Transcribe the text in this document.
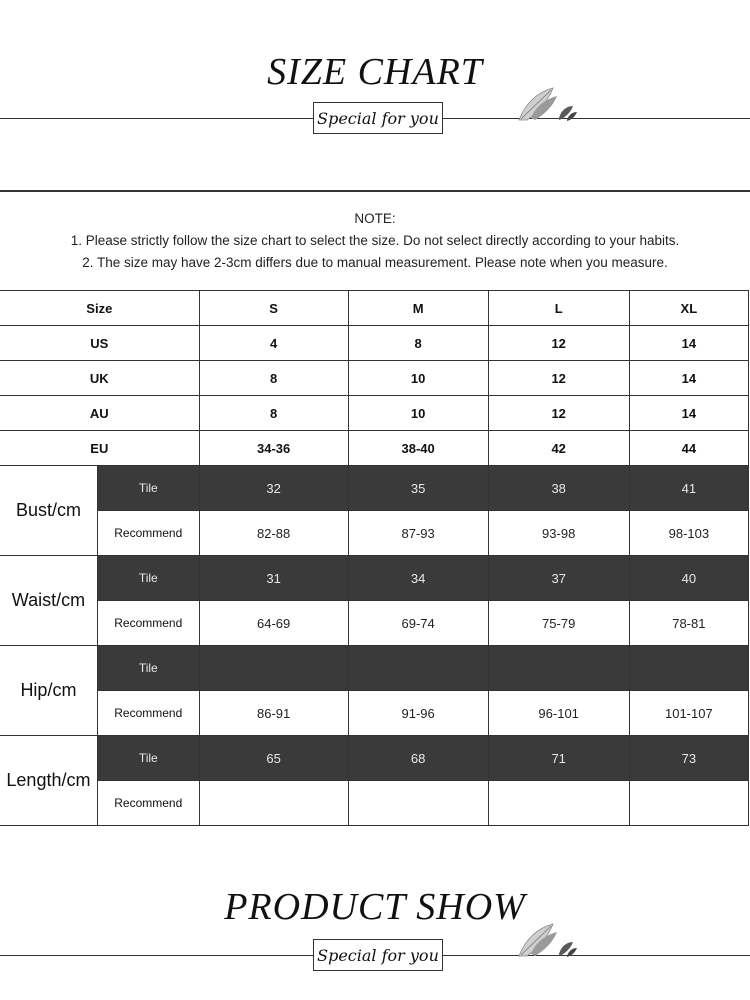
SIZE CHART
Special for you
NOTE:
1. Please strictly follow the size chart to select the size. Do not select directly according to your habits.
2. The size may have 2-3cm differs due to manual measurement. Please note when you measure.
Size		S	M	L	XL
US		4	8	12	14
UK		8	10	12	14
AU		8	10	12	14
EU		34-36	38-40	42	44
Bust/cm	Tile	32	35	38	41
	Recommend	82-88	87-93	93-98	98-103
Waist/cm	Tile	31	34	37	40
	Recommend	64-69	69-74	75-79	78-81
Hip/cm	Tile				
	Recommend	86-91	91-96	96-101	101-107
Length/cm	Tile	65	68	71	73
	Recommend				
PRODUCT SHOW
Special for you
